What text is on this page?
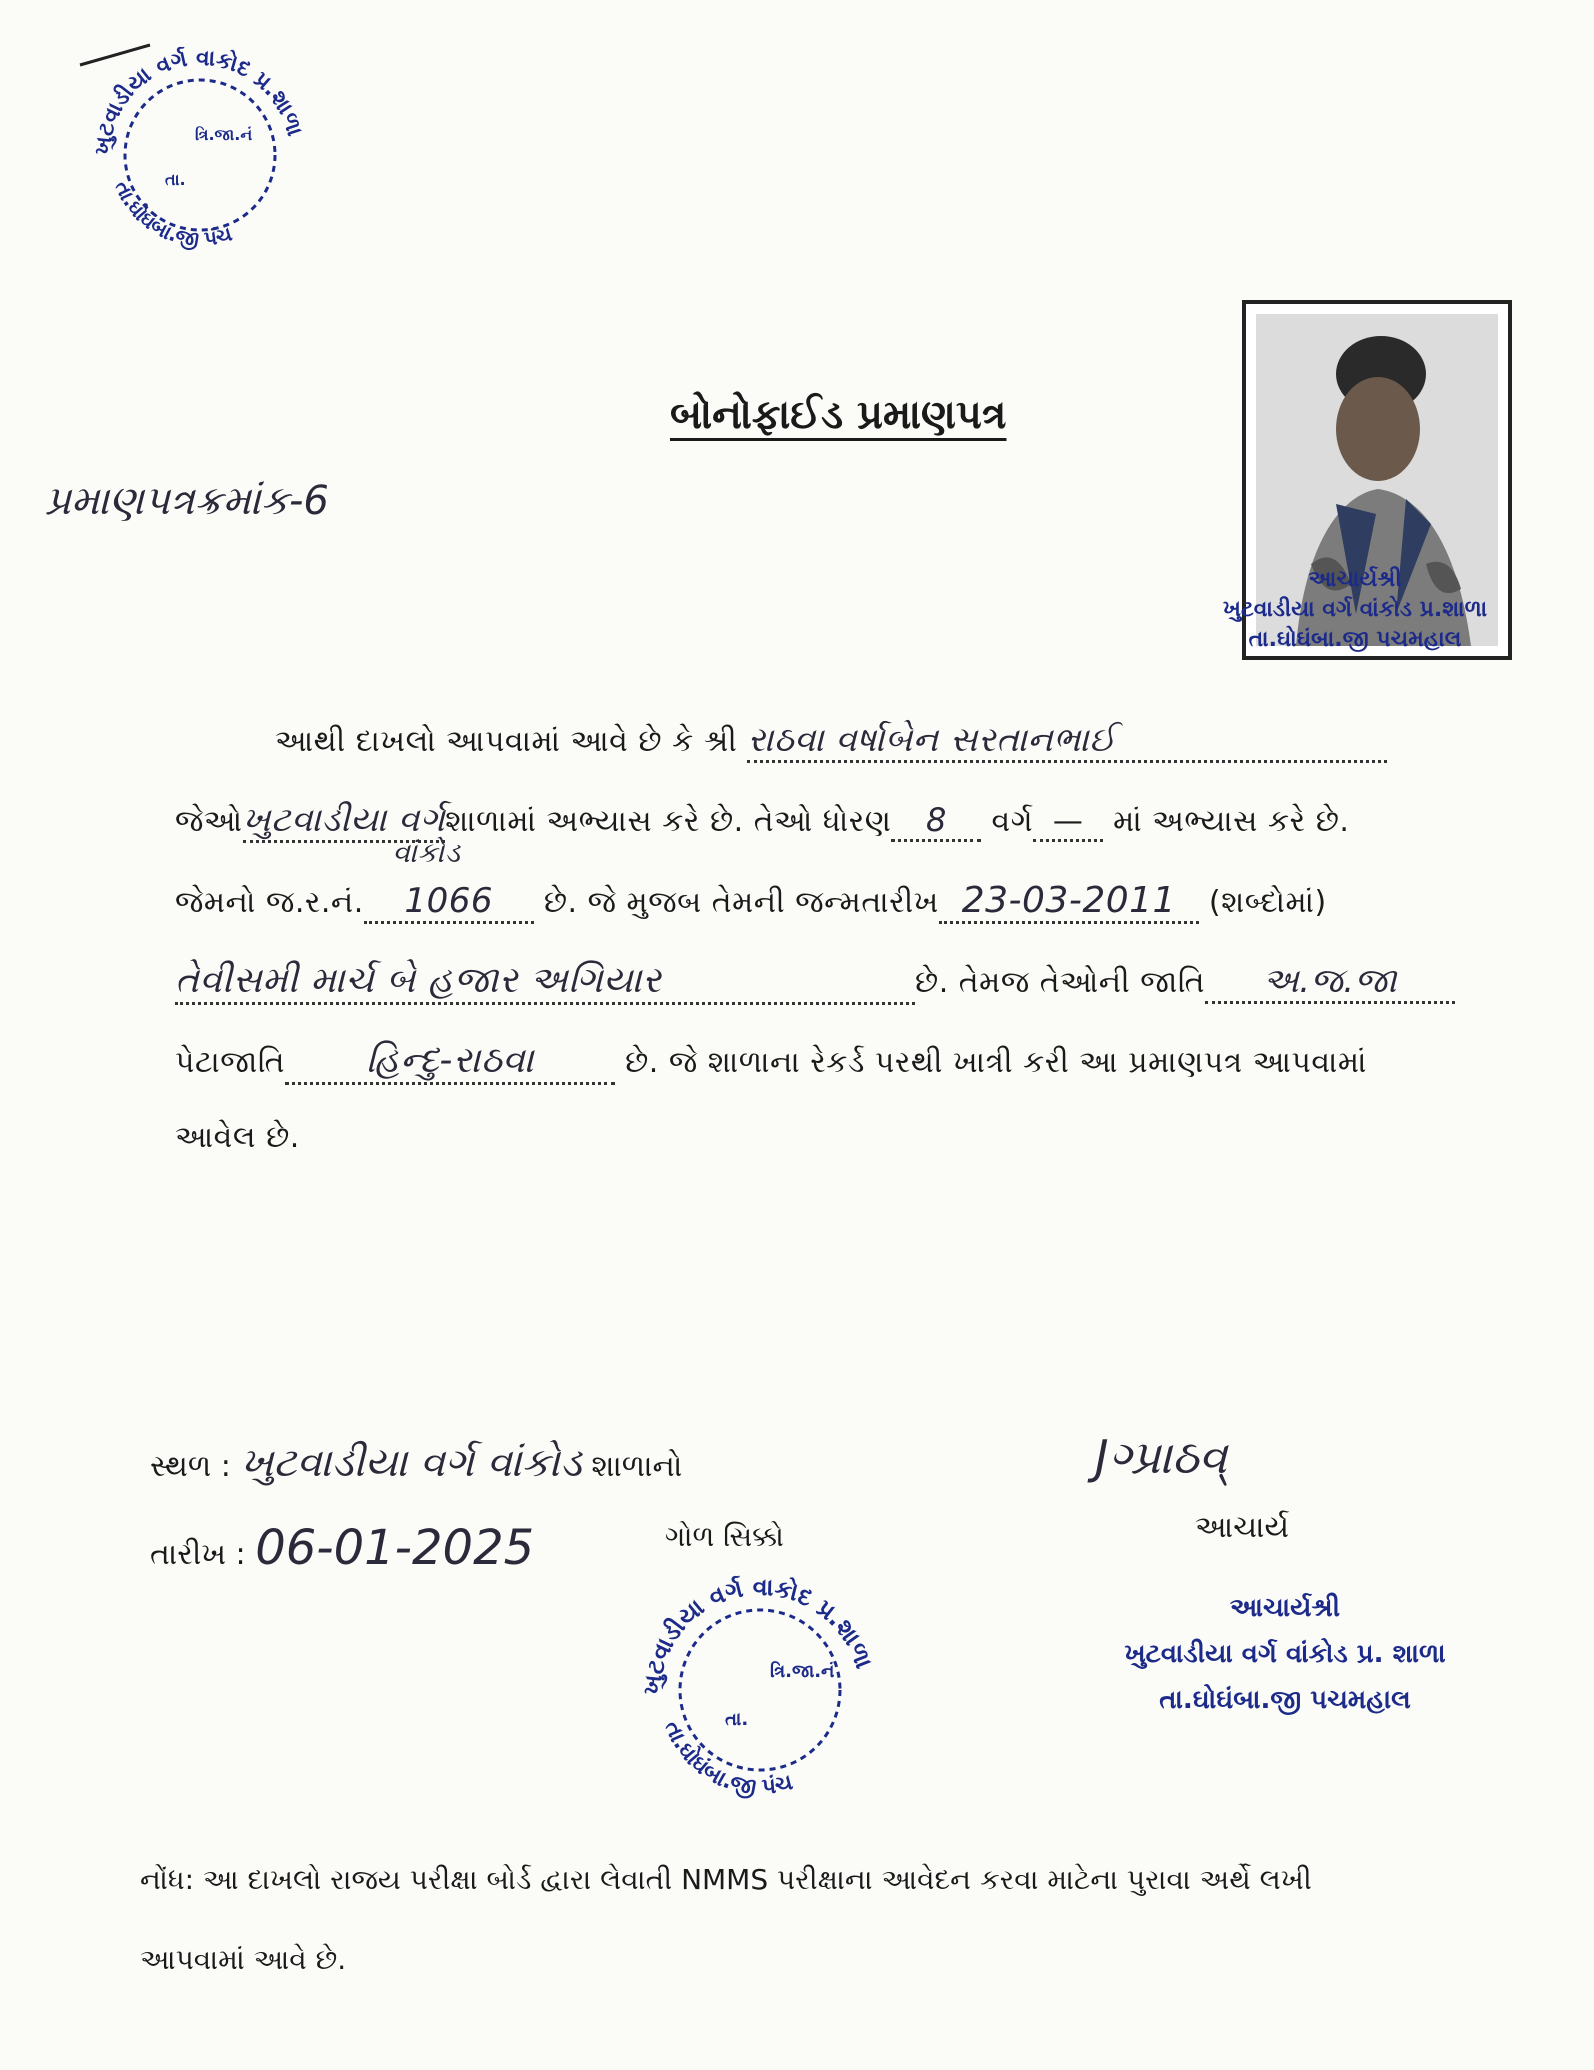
ખુટવાડીયા વર્ગ વાકોદ પ્ર.શાળા
તા.ઘોઘંબા.જી પંચ
ત્રિ.જા.નં
તા.
બોનોફાઈડ પ્રમાણપત્ર
પ્રમાણપત્રક્રમાંક-6
આચાર્યશ્રી
ખુટવાડીયા વર્ગ વાંકોડ પ્ર.શાળા
તા.ઘોઘંબા.જી પચમહાલ
આથી દાખલો આપવામાં આવે છે કે શ્રી રાઠવા વર્ષાબેન સરતાનભાઈ
જેઓખુટવાડીયા વર્ગ
વાંકોડ
શાળામાં અભ્યાસ કરે છે. તેઓ ધોરણ 8 વર્ગ — માં અભ્યાસ કરે છે.
જેમનો જ.ર.નં. 1066 છે. જે મુજબ તેમની જન્મતારીખ 23-03-2011 (શબ્દોમાં)
તેવીસમી માર્ચ બે હજાર અગિયાર	છે. તેમજ તેઓની જાતિ અ.જ.જા
પેટાજાતિ હિન્દુ-રાઠવા	છે. જે શાળાના રેકર્ડ પરથી ખાત્રી કરી આ પ્રમાણપત્ર આપવામાં
આવેલ છે.
સ્થળ : ખુટવાડીયા વર્ગ વાંકોડ શાળાનો
તારીખ : 06-01-2025	ગોળ સિક્કો
ખુટવાડીયા વર્ગ વાકોદ પ્ર.શાળા
તા.ઘોઘંબા.જી પંચ
ત્રિ.જા.નં
તા.
Jગ્પ્રાઠવ્
આચાર્ય
આચાર્યશ્રી
ખુટવાડીયા વર્ગ વાંકોડ પ્ર. શાળા
તા.ઘોઘંબા.જી પચમહાલ
નોંધ: આ દાખલો રાજય પરીક્ષા બોર્ડ દ્વારા લેવાતી NMMS પરીક્ષાના આવેદન કરવા માટેના પુરાવા અર્થે લખી
આપવામાં આવે છે.
